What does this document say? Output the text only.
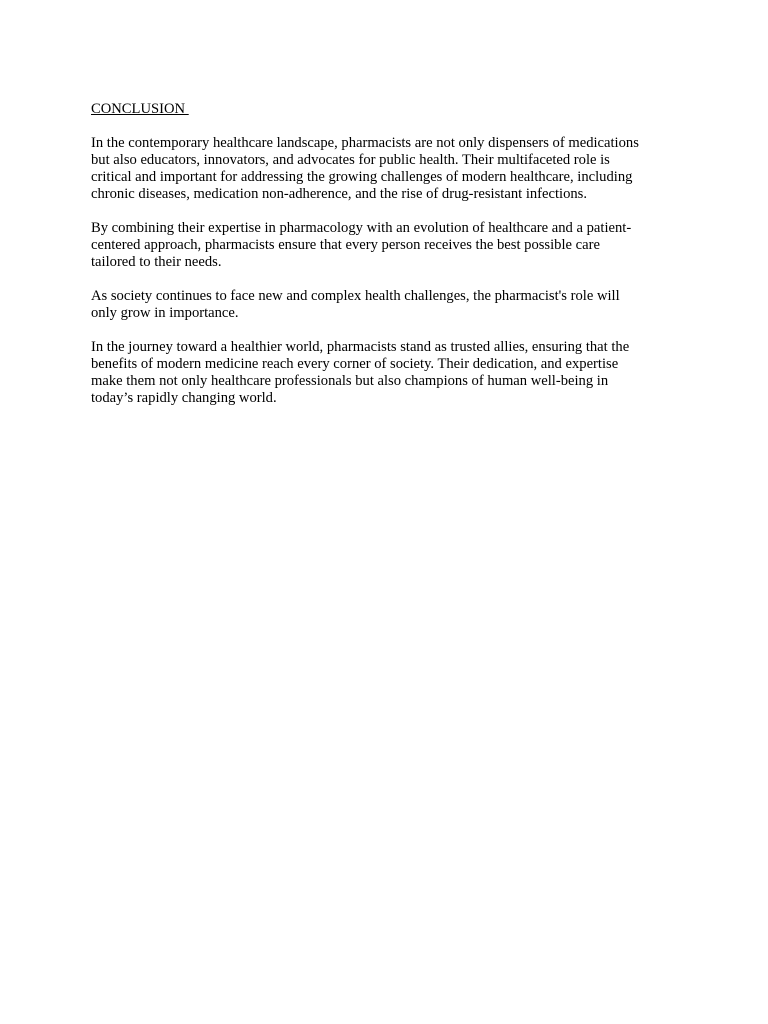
CONCLUSION

In the contemporary healthcare landscape, pharmacists are not only dispensers of medications
but also educators, innovators, and advocates for public health. Their multifaceted role is
critical and important for addressing the growing challenges of modern healthcare, including
chronic diseases, medication non-adherence, and the rise of drug-resistant infections.

By combining their expertise in pharmacology with an evolution of healthcare and a patient-
centered approach, pharmacists ensure that every person receives the best possible care
tailored to their needs.

As society continues to face new and complex health challenges, the pharmacist's role will
only grow in importance.

In the journey toward a healthier world, pharmacists stand as trusted allies, ensuring that the
benefits of modern medicine reach every corner of society. Their dedication, and expertise
make them not only healthcare professionals but also champions of human well-being in
today’s rapidly changing world.
